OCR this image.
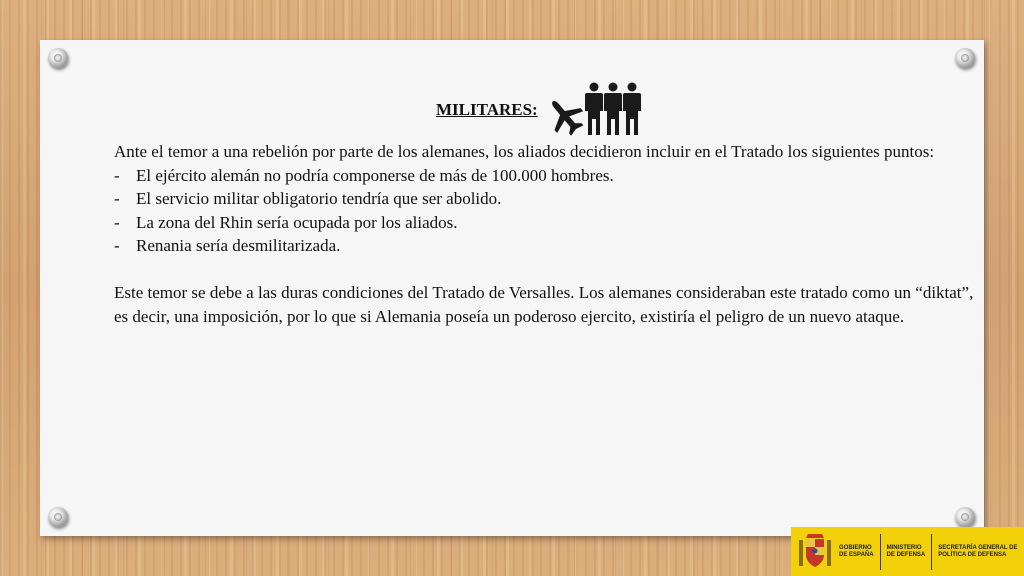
MILITARES:

Ante el temor a una rebelión por parte de los alemanes, los aliados decidieron incluir en el Tratado los siguientes puntos:

- El ejército alemán no podría componerse de más de 100.000 hombres.
- El servicio militar obligatorio tendría que ser abolido.
- La zona del Rhin sería ocupada por los aliados.
- Renania sería desmilitarizada.

Este temor se debe a las duras condiciones del Tratado de Versalles. Los alemanes consideraban este tratado como un “diktat”, es decir, una imposición, por lo que si Alemania poseía un poderoso ejercito, existiría el peligro de un nuevo ataque.

GOBIERNO
DE ESPAÑA
MINISTERIO
DE DEFENSA
SECRETARÍA GENERAL DE
POLÍTICA DE DEFENSA
